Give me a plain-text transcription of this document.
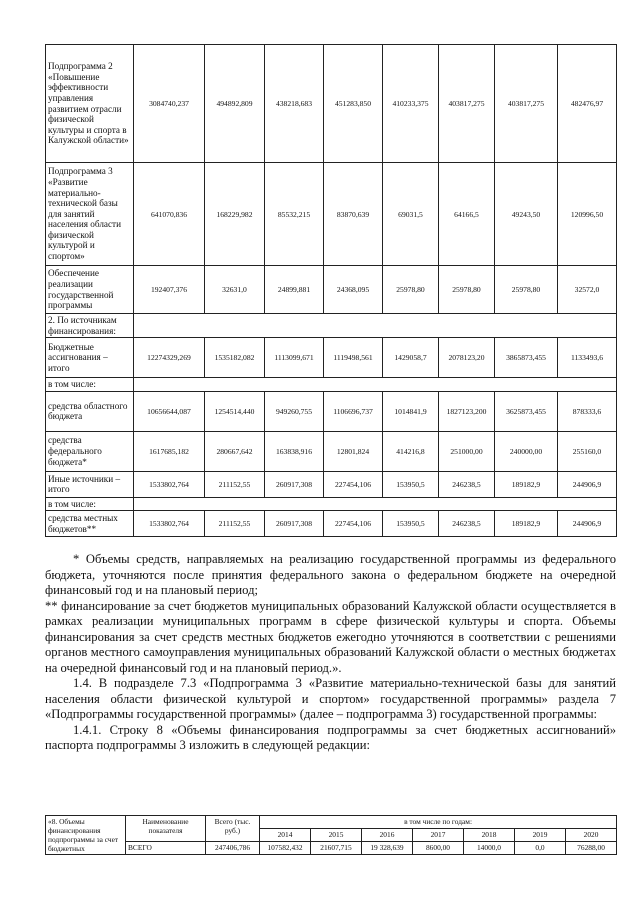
Подпрограмма 2 «Повышение эффективности управления развитием отрасли физической культуры и спорта в Калужской области»	3084740,237	494892,809	438218,683	451283,850	410233,375	403817,275	403817,275	482476,97
Подпрограмма 3 «Развитие материально-технической базы для занятий населения области физической культурой и спортом»	641070,836	168229,982	85532,215	83870,639	69031,5	64166,5	49243,50	120996,50
Обеспечение реализации государственной программы	192407,376	32631,0	24899,881	24368,095	25978,80	25978,80	25978,80	32572,0
2. По источникам финансирования:								
Бюджетные ассигнования – итого	12274329,269	1535182,082	1113099,671	1119498,561	1429058,7	2078123,20	3865873,455	1133493,6
в том числе:								
средства областного бюджета	10656644,087	1254514,440	949260,755	1106696,737	1014841,9	1827123,200	3625873,455	878333,6
средства федерального бюджета*	1617685,182	280667,642	163838,916	12801,824	414216,8	251000,00	240000,00	255160,0
Иные источники – итого	1533802,764	211152,55	260917,308	227454,106	153950,5	246238,5	189182,9	244906,9
в том числе:								
средства местных бюджетов**	1533802,764	211152,55	260917,308	227454,106	153950,5	246238,5	189182,9	244906,9

* Объемы средств, направляемых на реализацию государственной программы из федерального бюджета, уточняются после принятия федерального закона о федеральном бюджете на очередной финансовый год и на плановый период;

** финансирование за счет бюджетов муниципальных образований Калужской области осуществляется в рамках реализации муниципальных программ в сфере физической культуры и спорта. Объемы финансирования за счет средств местных бюджетов ежегодно уточняются в соответствии с решениями органов местного самоуправления муниципальных образований Калужской области о местных бюджетах на очередной финансовый год и на плановый период.».

1.4. В подразделе 7.3 «Подпрограмма 3 «Развитие материально-технической базы для занятий населения области физической культурой и спортом» государственной программы» раздела 7 «Подпрограммы государственной программы» (далее – подпрограмма 3) государственной программы:

1.4.1. Строку 8 «Объемы финансирования подпрограммы за счет бюджетных ассигнований» паспорта подпрограммы 3 изложить в следующей редакции:

«8. Объемы финансирования подпрограммы за счет бюджетных	Наименование показателя	Всего (тыс. руб.)	в том числе по годам:						
			2014	2015	2016	2017	2018	2019	2020
	ВСЕГО	247406,786	107582,432	21607,715	19 328,639	8600,00	14000,0	0,0	76288,00
